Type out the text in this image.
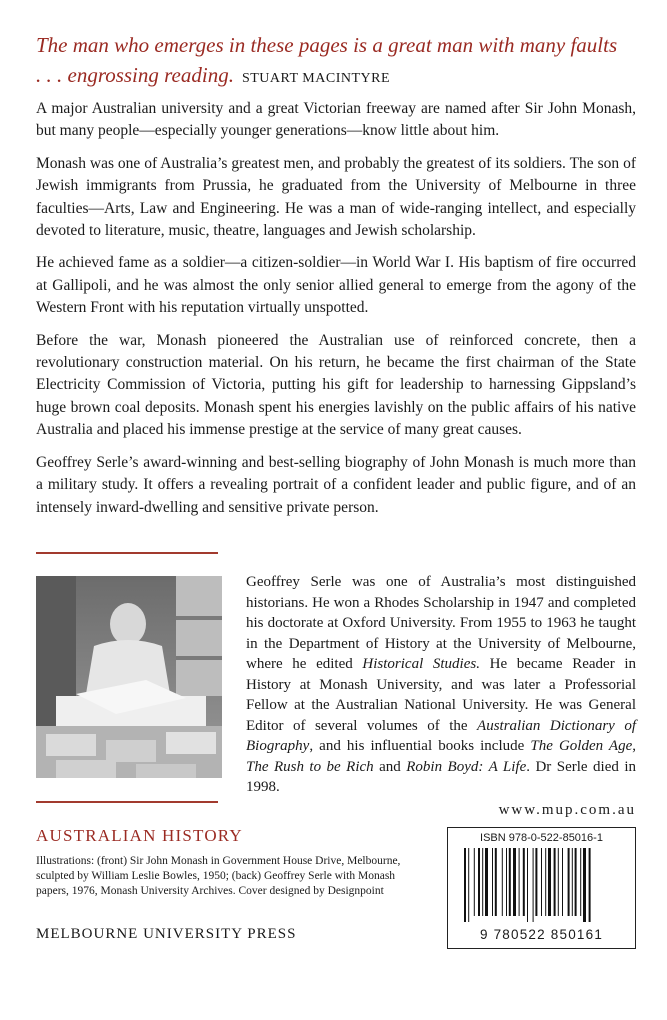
The man who emerges in these pages is a great man with many faults
. . . engrossing reading. STUART MACINTYRE

A major Australian university and a great Victorian freeway are named after Sir John Monash, but many people—especially younger generations—know little about him.

Monash was one of Australia’s greatest men, and probably the greatest of its soldiers. The son of Jewish immigrants from Prussia, he graduated from the University of Melbourne in three faculties—Arts, Law and Engineering. He was a man of wide-ranging intellect, and especially devoted to literature, music, theatre, languages and Jewish scholarship.

He achieved fame as a soldier—a citizen-soldier—in World War I. His baptism of fire occurred at Gallipoli, and he was almost the only senior allied general to emerge from the agony of the Western Front with his reputation virtually unspotted.

Before the war, Monash pioneered the Australian use of reinforced concrete, then a revolutionary construction material. On his return, he became the first chairman of the State Electricity Commission of Victoria, putting his gift for leadership to harnessing Gippsland’s huge brown coal deposits. Monash spent his energies lavishly on the public affairs of his native Australia and placed his immense prestige at the service of many great causes.

Geoffrey Serle’s award-winning and best-selling biography of John Monash is much more than a military study. It offers a revealing portrait of a confident leader and public figure, and of an intensely inward-dwelling and sensitive private person.

Geoffrey Serle was one of Australia’s most distinguished historians. He won a Rhodes Scholarship in 1947 and completed his doctorate at Oxford University. From 1955 to 1963 he taught in the Department of History at the University of Melbourne, where he edited Historical Studies. He became Reader in History at Monash University, and was later a Professorial Fellow at the Australian National University. He was General Editor of several volumes of the Australian Dictionary of Biography, and his influential books include The Golden Age, The Rush to be Rich and Robin Boyd: A Life. Dr Serle died in 1998.
www.mup.com.au
AUSTRALIAN HISTORY
Illustrations: (front) Sir John Monash in Government House Drive, Melbourne, sculpted by William Leslie Bowles, 1950; (back) Geoffrey Serle with Monash papers, 1976, Monash University Archives. Cover designed by Designpoint
MELBOURNE UNIVERSITY PRESS
ISBN 978-0-522-85016-1
9 780522 850161
